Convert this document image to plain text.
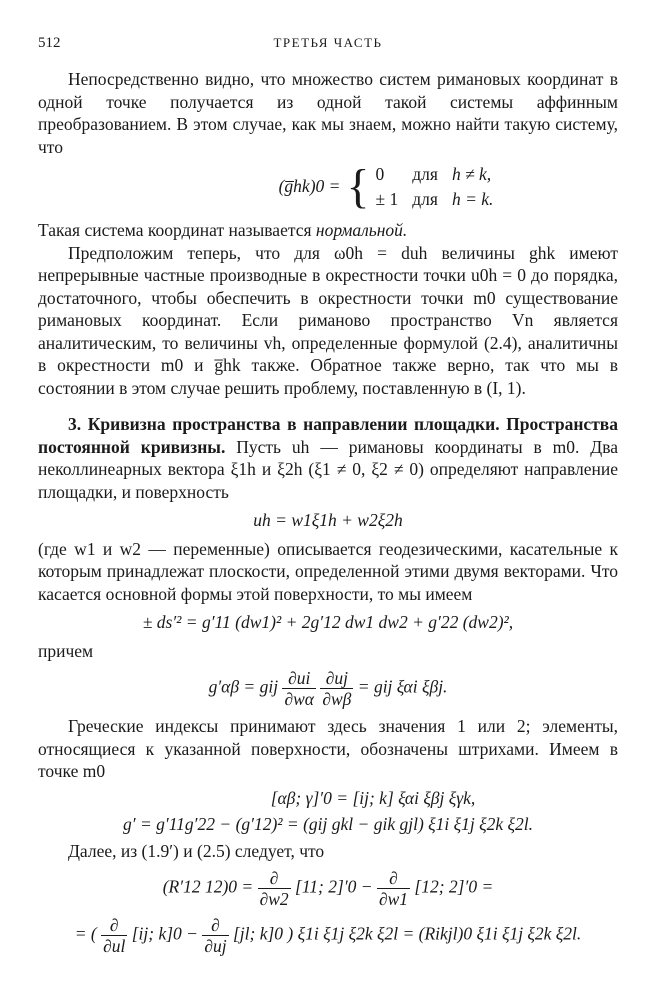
512	ТРЕТЬЯ ЧАСТЬ

Непосредственно видно, что множество систем римановых координат в одной точке получается из одной такой системы аффинным преобразованием. В этом случае, как мы знаем, можно найти такую систему, что

(g̅hk)0 = { 0	для	h ≠ k,
± 1	для	h = k.

Такая система координат называется нормальной.

Предположим теперь, что для ω0h = duh величины ghk имеют непрерывные частные производные в окрестности точки u0h = 0 до порядка, достаточного, чтобы обеспечить в окрестности точки m0 существование римановых координат. Если риманово пространство Vn является аналитическим, то величины vh, определенные формулой (2.4), аналитичны в окрестности m0 и g̅hk также. Обратное также верно, так что мы в состоянии в этом случае решить проблему, поставленную в (I, 1).

3. Кривизна пространства в направлении площадки. Пространства постоянной кривизны. Пусть uh — римановы координаты в m0. Два неколлинеарных вектора ξ1h и ξ2h (ξ1 ≠ 0, ξ2 ≠ 0) определяют направление площадки, и поверхность

uh = w1ξ1h + w2ξ2h

(где w1 и w2 — переменные) описывается геодезическими, касательные к которым принадлежат плоскости, определенной этими двумя векторами. Что касается основной формы этой поверхности, то мы имеем

± ds′² = g′11 (dw1)² + 2g′12 dw1 dw2 + g′22 (dw2)²,

причем

g′αβ = gij $\frac{\partial ui}{\partial w\alpha}$
$\frac{\partial uj}{\partial w\beta}$ = gij ξαi ξβj.

Греческие индексы принимают здесь значения 1 или 2; элементы, относящиеся к указанной поверхности, обозначены штрихами. Имеем в точке m0

[αβ; γ]′0 = [ij; k] ξαi ξβj ξγk,
g′ = g′11g′22 − (g′12)² = (gij gkl − gik gjl) ξ1i ξ1j ξ2k ξ2l.

Далее, из (1.9′) и (2.5) следует, что

(R′12 $12)0 = \frac{\partial}{\partial w2} [11$; $2]'0 - \frac{\partial}{\partial w1} [12$; 2]′0 =
= ( $\frac{\partial}{\partial ul} [ij$; $k]0 - \frac{\partial}{\partial uj} [jl$; k]0 ) ξ1i ξ1j ξ2k ξ2l = (Rikjl)0 ξ1i ξ1j ξ2k ξ2l.
